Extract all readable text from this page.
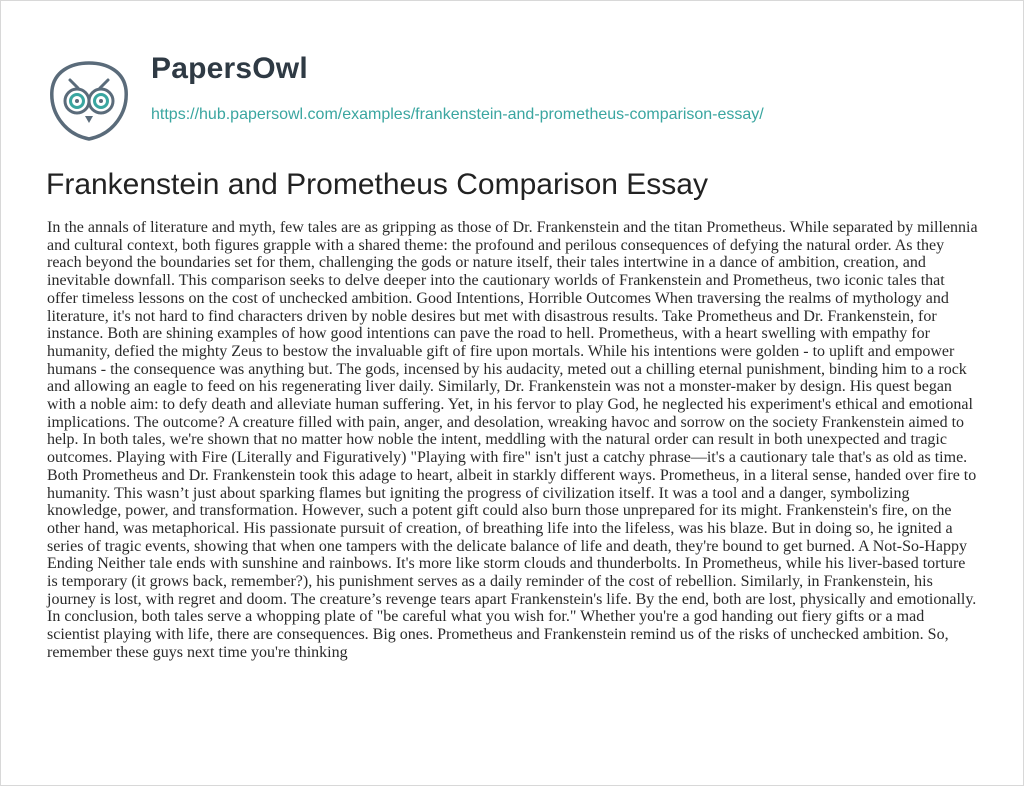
PapersOwl
https://hub.papersowl.com/examples/frankenstein-and-prometheus-comparison-essay/
Frankenstein and Prometheus Comparison Essay

In the annals of literature and myth, few tales are as gripping as those of Dr. Frankenstein and the titan Prometheus. While separated by millennia and cultural context, both figures grapple with a shared theme: the profound and perilous consequences of defying the natural order. As they reach beyond the boundaries set for them, challenging the gods or nature itself, their tales intertwine in a dance of ambition, creation, and inevitable downfall. This comparison seeks to delve deeper into the cautionary worlds of Frankenstein and Prometheus, two iconic tales that offer timeless lessons on the cost of unchecked ambition. Good Intentions, Horrible Outcomes When traversing the realms of mythology and literature, it's not hard to find characters driven by noble desires but met with disastrous results. Take Prometheus and Dr. Frankenstein, for instance. Both are shining examples of how good intentions can pave the road to hell. Prometheus, with a heart swelling with empathy for humanity, defied the mighty Zeus to bestow the invaluable gift of fire upon mortals. While his intentions were golden - to uplift and empower humans - the consequence was anything but. The gods, incensed by his audacity, meted out a chilling eternal punishment, binding him to a rock and allowing an eagle to feed on his regenerating liver daily. Similarly, Dr. Frankenstein was not a monster-maker by design. His quest began with a noble aim: to defy death and alleviate human suffering. Yet, in his fervor to play God, he neglected his experiment's ethical and emotional implications. The outcome? A creature filled with pain, anger, and desolation, wreaking havoc and sorrow on the society Frankenstein aimed to help. In both tales, we're shown that no matter how noble the intent, meddling with the natural order can result in both unexpected and tragic outcomes. Playing with Fire (Literally and Figuratively) "Playing with fire" isn't just a catchy phrase—it's a cautionary tale that's as old as time. Both Prometheus and Dr. Frankenstein took this adage to heart, albeit in starkly different ways. Prometheus, in a literal sense, handed over fire to humanity. This wasn’t just about sparking flames but igniting the progress of civilization itself. It was a tool and a danger, symbolizing knowledge, power, and transformation. However, such a potent gift could also burn those unprepared for its might. Frankenstein's fire, on the other hand, was metaphorical. His passionate pursuit of creation, of breathing life into the lifeless, was his blaze. But in doing so, he ignited a series of tragic events, showing that when one tampers with the delicate balance of life and death, they're bound to get burned. A Not-So-Happy Ending Neither tale ends with sunshine and rainbows. It's more like storm clouds and thunderbolts. In Prometheus, while his liver-based torture is temporary (it grows back, remember?), his punishment serves as a daily reminder of the cost of rebellion. Similarly, in Frankenstein, his journey is lost, with regret and doom. The creature’s revenge tears apart Frankenstein's life. By the end, both are lost, physically and emotionally. In conclusion, both tales serve a whopping plate of "be careful what you wish for." Whether you're a god handing out fiery gifts or a mad scientist playing with life, there are consequences. Big ones. Prometheus and Frankenstein remind us of the risks of unchecked ambition. So, remember these guys next time you're thinking
